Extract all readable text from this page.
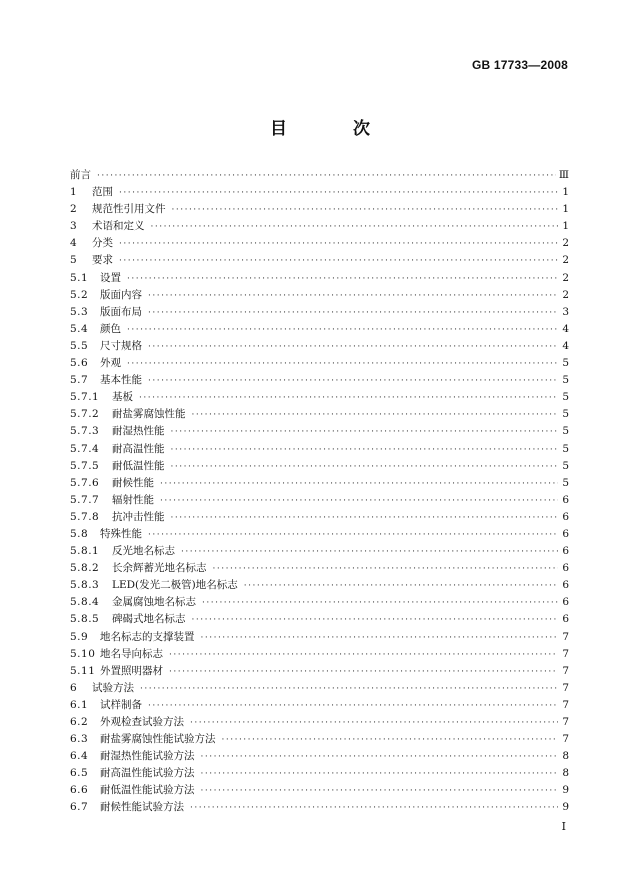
GB 17733—2008
目 次
前言 ·····	Ⅲ
1	范围 ·····	1
2	规范性引用文件 ·····	1
3	术语和定义 ·····	1
4	分类 ·····	2
5	要求 ·····	2
5.1	设置 ·····	2
5.2	版面内容 ·····	2
5.3	版面布局 ·····	3
5.4	颜色 ·····	4
5.5	尺寸规格 ·····	4
5.6	外观 ·····	5
5.7	基本性能 ·····	5
5.7.1	基板 ·····	5
5.7.2	耐盐雾腐蚀性能 ·····	5
5.7.3	耐湿热性能 ·····	5
5.7.4	耐高温性能 ·····	5
5.7.5	耐低温性能 ·····	5
5.7.6	耐候性能 ·····	5
5.7.7	辐射性能 ·····	6
5.7.8	抗冲击性能 ·····	6
5.8	特殊性能 ·····	6
5.8.1	反光地名标志 ·····	6
5.8.2	长余辉蓄光地名标志 ·····	6
5.8.3	LED(发光二极管)地名标志 ·····	6
5.8.4	金属腐蚀地名标志 ·····	6
5.8.5	碑碣式地名标志 ·····	6
5.9	地名标志的支撑装置 ·····	7
5.10 地名导向标志 ·····	7
5.11 外置照明器材 ·····	7
6	试验方法 ·····	7
6.1	试样制备 ·····	7
6.2	外观检查试验方法 ·····	7
6.3	耐盐雾腐蚀性能试验方法 ·····	7
6.4	耐湿热性能试验方法 ·····	8
6.5	耐高温性能试验方法 ·····	8
6.6	耐低温性能试验方法 ·····	9
6.7	耐候性能试验方法 ·····	9
I
